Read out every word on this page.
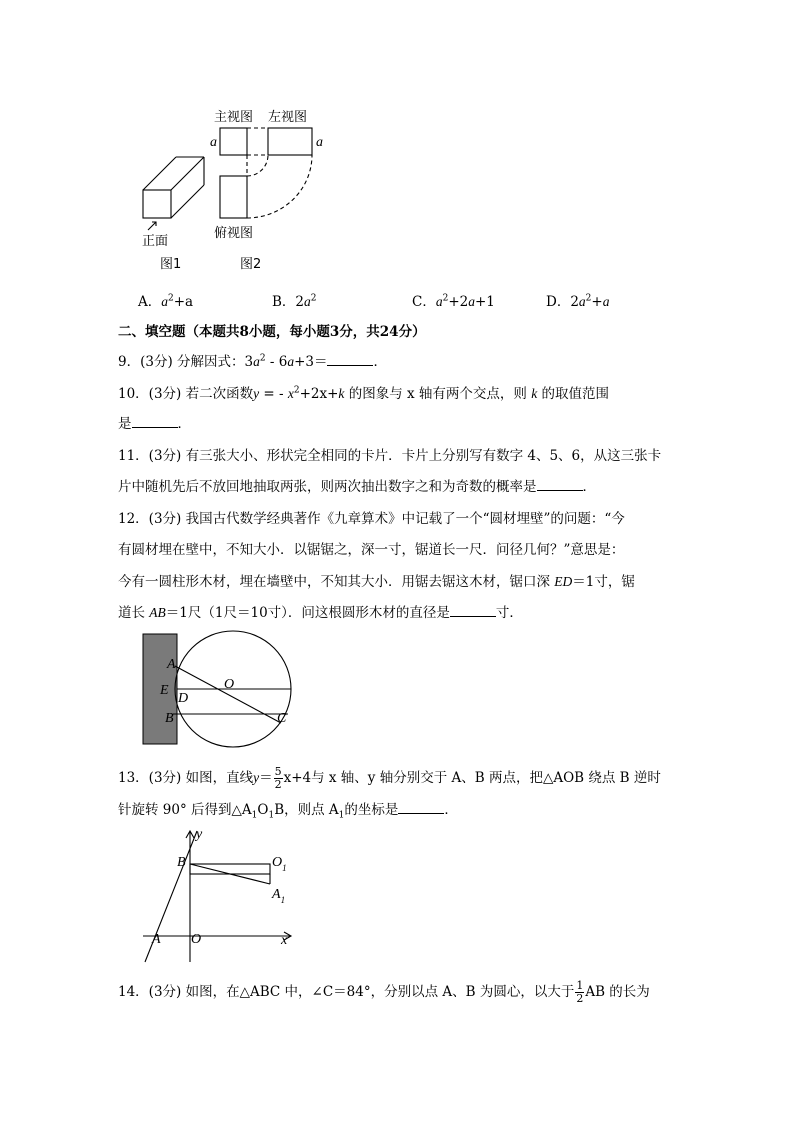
正面
图1
主视图 左视图
俯视图
a	a
图2
A．$a^2+a$	B．$2a^2$	C．$a^2+2a+1$	D．$2a^2+a$
二、填空题（本题共8小题，每小题3分，共24分）
9．(3分) 分解因式：$3a^2 - 6a+3=$	．
10．(3分) 若二次函数y = - $x^2+2x+k$ 的图象与 x 轴有两个交点，则 k 的取值范围
是	．
11．(3分) 有三张大小、形状完全相同的卡片．卡片上分别写有数字 4、5、6，从这三张卡
片中随机先后不放回地抽取两张，则两次抽出数字之和为奇数的概率是	．
12．(3分) 我国古代数学经典著作《九章算术》中记载了一个“圆材埋壁”的问题：“今
有圆材埋在壁中，不知大小．以锯锯之，深一寸，锯道长一尺．问径几何？”意思是：
今有一圆柱形木材，埋在墙壁中，不知其大小．用锯去锯这木材，锯口深 ED＝1寸，锯
道长 AB＝1尺（1尺＝10寸）．问这根圆形木材的直径是	寸．
A
E
D
B
O
C
13．(3分) 如图，直线$y= \frac{5}{2} x+4$与 x 轴、y 轴分别交于 A、B 两点，把△AOB 绕点 B 逆时
针旋转 90° 后得到$\triangle A_1O_1B$，则点 $A_1$的坐标是	．
y
x
B	$O_1$
$A_1$
A O
14．(3分) 如图，在△ABC 中，∠C＝84°，分别以点 A、B 为圆心，以大于 $\frac{1}{2}$ AB 的长为
